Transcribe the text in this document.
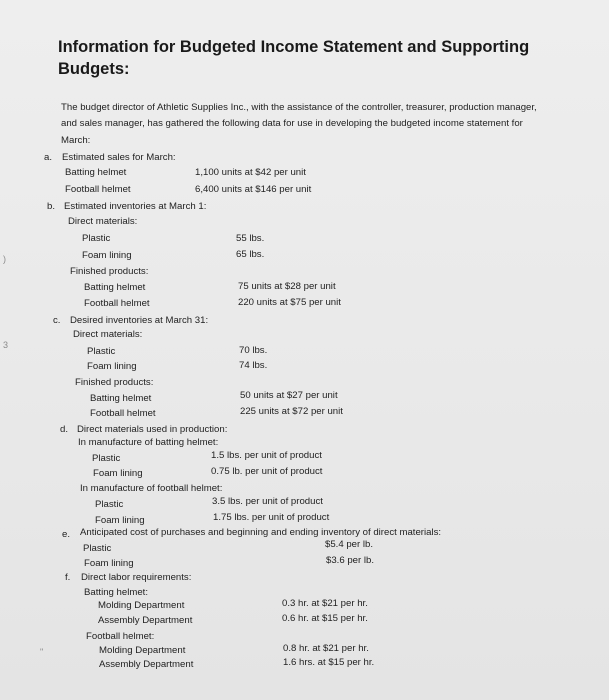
)
3
"
Information for Budgeted Income Statement and Supporting Budgets:
The budget director of Athletic Supplies Inc., with the assistance of the controller, treasurer, production manager, and sales manager, has gathered the following data for use in developing the budgeted income statement for March:
a. Estimated sales for March:
Batting helmet	1,100 units at $42 per unit
Football helmet	6,400 units at $146 per unit
b. Estimated inventories at March 1:
Direct materials:
Plastic	55 lbs.
Foam lining	65 lbs.
Finished products:
Batting helmet	75 units at $28 per unit
Football helmet	220 units at $75 per unit
c. Desired inventories at March 31:
Direct materials:
Plastic	70 lbs.
Foam lining	74 lbs.
Finished products:
Batting helmet	50 units at $27 per unit
Football helmet	225 units at $72 per unit
d. Direct materials used in production:
In manufacture of batting helmet:
Plastic	1.5 lbs. per unit of product
Foam lining	0.75 lb. per unit of product
In manufacture of football helmet:
Plastic	3.5 lbs. per unit of product
Foam lining	1.75 lbs. per unit of product
e. Anticipated cost of purchases and beginning and ending inventory of direct materials:
Plastic	$5.4 per lb.
Foam lining	$3.6 per lb.
f. Direct labor requirements:
Batting helmet:
Molding Department	0.3 hr. at $21 per hr.
Assembly Department	0.6 hr. at $15 per hr.
Football helmet:
Molding Department	0.8 hr. at $21 per hr.
Assembly Department	1.6 hrs. at $15 per hr.
